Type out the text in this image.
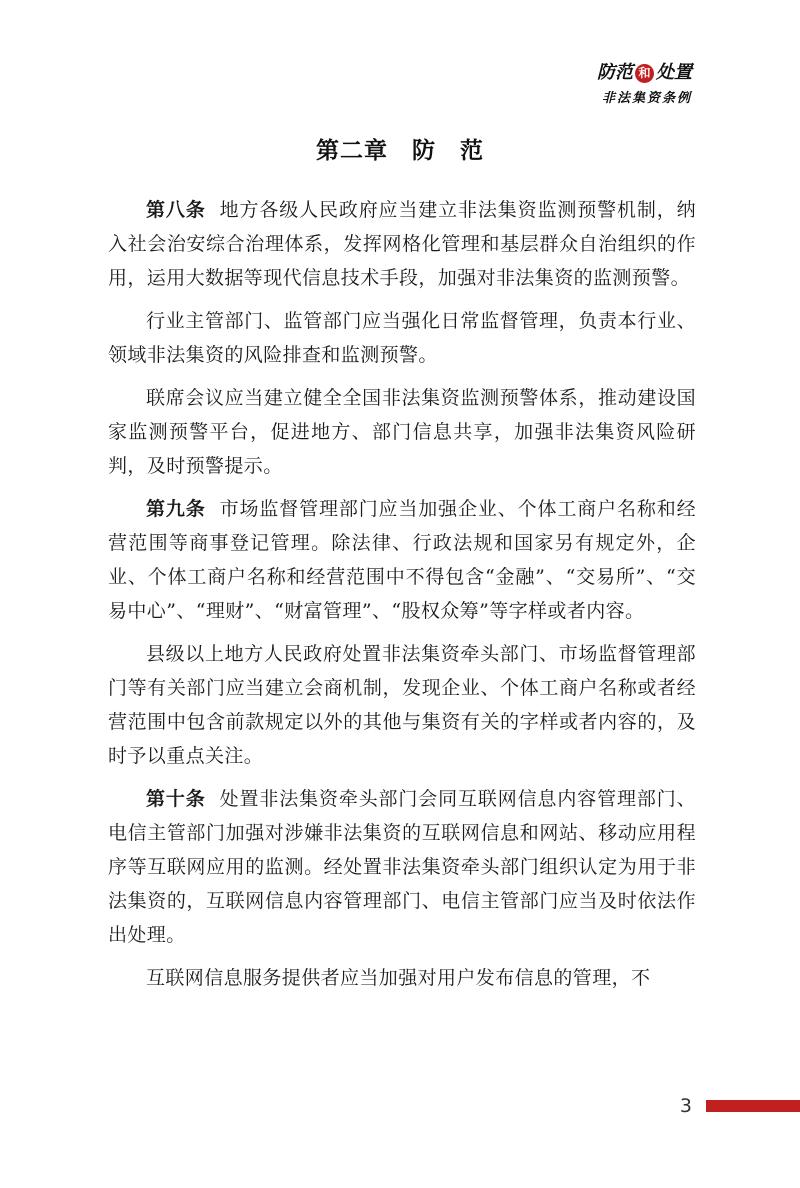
防范 和 处置
非法集资条例
第二章　防　范

第八条 地方各级人民政府应当建立非法集资监测预警机制，纳入社会治安综合治理体系，发挥网格化管理和基层群众自治组织的作用，运用大数据等现代信息技术手段，加强对非法集资的监测预警。

行业主管部门、监管部门应当强化日常监督管理，负责本行业、领域非法集资的风险排查和监测预警。

联席会议应当建立健全全国非法集资监测预警体系，推动建设国家监测预警平台，促进地方、部门信息共享，加强非法集资风险研判，及时预警提示。

第九条 市场监督管理部门应当加强企业、个体工商户名称和经营范围等商事登记管理。除法律、行政法规和国家另有规定外，企业、个体工商户名称和经营范围中不得包含“金融”、“交易所”、“交易中心”、“理财”、“财富管理”、“股权众筹”等字样或者内容。

县级以上地方人民政府处置非法集资牵头部门、市场监督管理部门等有关部门应当建立会商机制，发现企业、个体工商户名称或者经营范围中包含前款规定以外的其他与集资有关的字样或者内容的，及时予以重点关注。

第十条 处置非法集资牵头部门会同互联网信息内容管理部门、电信主管部门加强对涉嫌非法集资的互联网信息和网站、移动应用程序等互联网应用的监测。经处置非法集资牵头部门组织认定为用于非法集资的，互联网信息内容管理部门、电信主管部门应当及时依法作出处理。

互联网信息服务提供者应当加强对用户发布信息的管理，不

3
